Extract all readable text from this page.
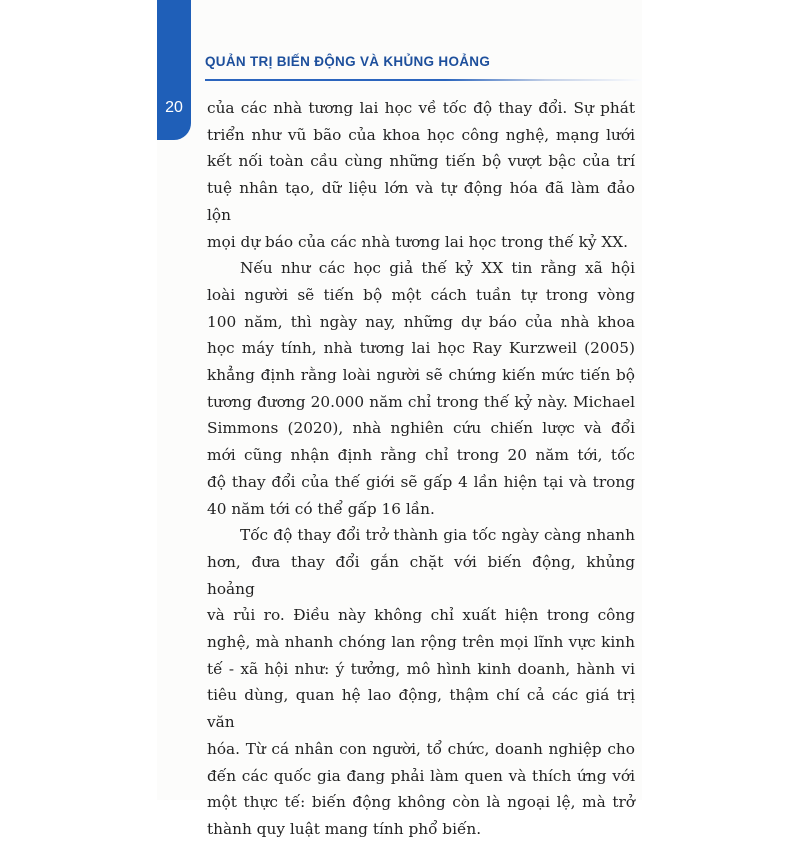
20
QUẢN TRỊ BIẾN ĐỘNG VÀ KHỦNG HOẢNG

của các nhà tương lai học về tốc độ thay đổi. Sự phát
triển như vũ bão của khoa học công nghệ, mạng lưới
kết nối toàn cầu cùng những tiến bộ vượt bậc của trí
tuệ nhân tạo, dữ liệu lớn và tự động hóa đã làm đảo lộn
mọi dự báo của các nhà tương lai học trong thế kỷ XX.

Nếu như các học giả thế kỷ XX tin rằng xã hội
loài người sẽ tiến bộ một cách tuần tự trong vòng
100 năm, thì ngày nay, những dự báo của nhà khoa
học máy tính, nhà tương lai học Ray Kurzweil (2005)
khẳng định rằng loài người sẽ chứng kiến mức tiến bộ
tương đương 20.000 năm chỉ trong thế kỷ này. Michael
Simmons (2020), nhà nghiên cứu chiến lược và đổi
mới cũng nhận định rằng chỉ trong 20 năm tới, tốc
độ thay đổi của thế giới sẽ gấp 4 lần hiện tại và trong
40 năm tới có thể gấp 16 lần.

Tốc độ thay đổi trở thành gia tốc ngày càng nhanh
hơn, đưa thay đổi gắn chặt với biến động, khủng hoảng
và rủi ro. Điều này không chỉ xuất hiện trong công
nghệ, mà nhanh chóng lan rộng trên mọi lĩnh vực kinh
tế - xã hội như: ý tưởng, mô hình kinh doanh, hành vi
tiêu dùng, quan hệ lao động, thậm chí cả các giá trị văn
hóa. Từ cá nhân con người, tổ chức, doanh nghiệp cho
đến các quốc gia đang phải làm quen và thích ứng với
một thực tế: biến động không còn là ngoại lệ, mà trở
thành quy luật mang tính phổ biến.
